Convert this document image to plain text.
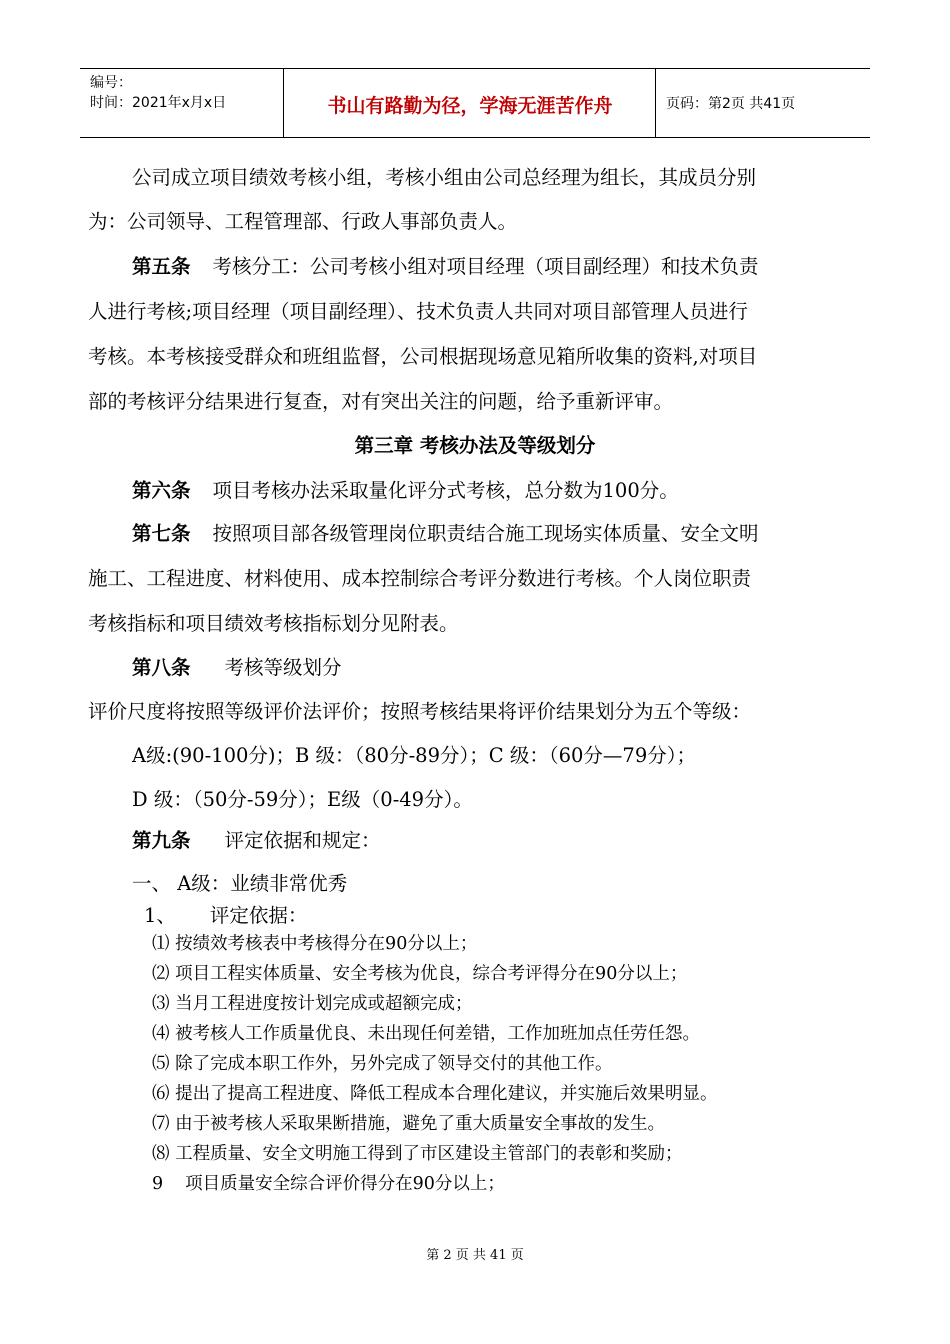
编号：
时间：2021年x月x日	书山有路勤为径，学海无涯苦作舟	页码：第2页 共41页
公司成立项目绩效考核小组，考核小组由公司总经理为组长，其成员分别
为：公司领导、工程管理部、行政人事部负责人。
第五条 考核分工：公司考核小组对项目经理（项目副经理）和技术负责
人进行考核;项目经理（项目副经理）、技术负责人共同对项目部管理人员进行
考核。本考核接受群众和班组监督，公司根据现场意见箱所收集的资料,对项目
部的考核评分结果进行复查，对有突出关注的问题，给予重新评审。
第三章 考核办法及等级划分
第六条 项目考核办法采取量化评分式考核，总分数为100分。
第七条 按照项目部各级管理岗位职责结合施工现场实体质量、安全文明
施工、工程进度、材料使用、成本控制综合考评分数进行考核。个人岗位职责
考核指标和项目绩效考核指标划分见附表。
第八条 考核等级划分
评价尺度将按照等级评价法评价；按照考核结果将评价结果划分为五个等级：
A级:(90-100分)；B 级：（80分-89分）；C 级：（60分—79分）；
D 级：（50分-59分）；E级（0-49分）。
第九条 评定依据和规定：
一、 A级：业绩非常优秀
1、 评定依据：
⑴ 按绩效考核表中考核得分在90分以上；
⑵ 项目工程实体质量、安全考核为优良，综合考评得分在90分以上；
⑶ 当月工程进度按计划完成或超额完成；
⑷ 被考核人工作质量优良、未出现任何差错，工作加班加点任劳任怨。
⑸ 除了完成本职工作外，另外完成了领导交付的其他工作。
⑹ 提出了提高工程进度、降低工程成本合理化建议，并实施后效果明显。
⑺ 由于被考核人采取果断措施，避免了重大质量安全事故的发生。
⑻ 工程质量、安全文明施工得到了市区建设主管部门的表彰和奖励；
9 项目质量安全综合评价得分在90分以上；
第 2 页 共 41 页
